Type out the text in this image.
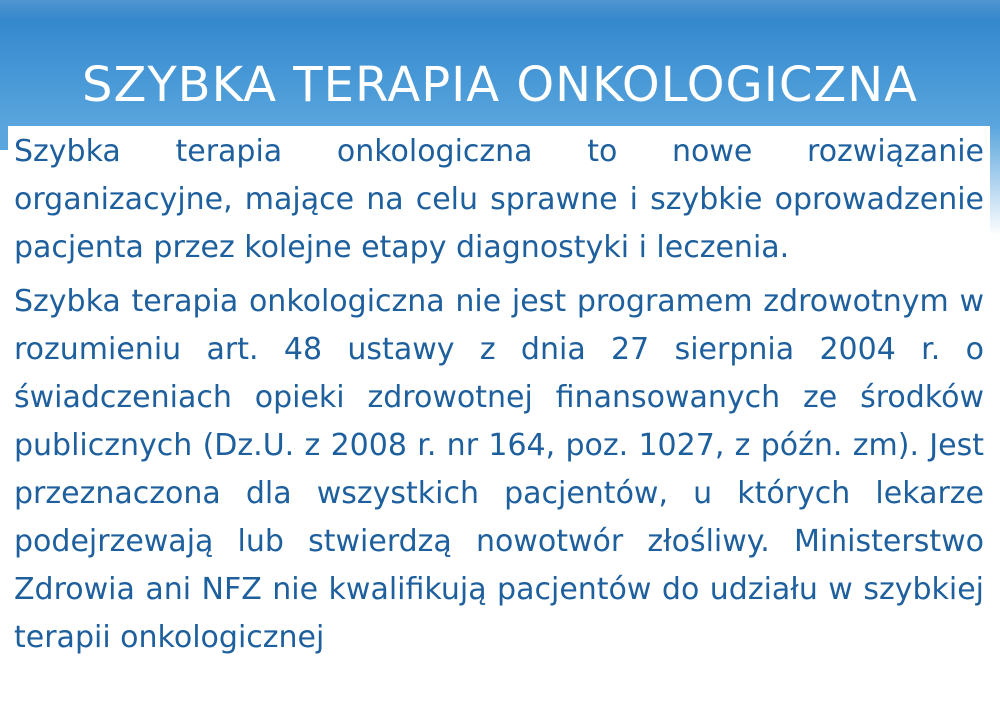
SZYBKA TERAPIA ONKOLOGICZNA

Szybka terapia onkologiczna to nowe rozwiązanie organizacyjne, mające na celu sprawne i szybkie oprowadzenie pacjenta przez kolejne etapy diagnostyki i leczenia.

Szybka terapia onkologiczna nie jest programem zdrowotnym w rozumieniu art. 48 ustawy z dnia 27 sierpnia 2004 r. o świadczeniach opieki zdrowotnej finansowanych ze środków publicznych (Dz.U. z 2008 r. nr 164, poz. 1027, z późn. zm). Jest przeznaczona dla wszystkich pacjentów, u których lekarze podejrzewają lub stwierdzą nowotwór złośliwy. Ministerstwo Zdrowia ani NFZ nie kwalifikują pacjentów do udziału w szybkiej terapii onkologicznej
